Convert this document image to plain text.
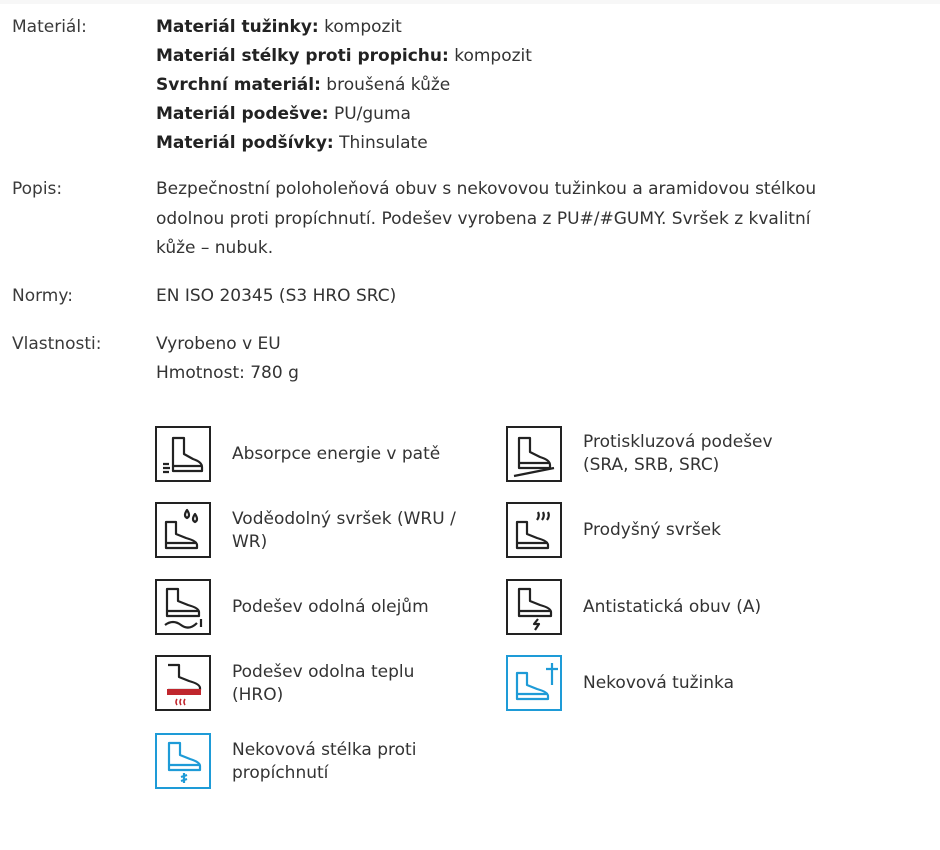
Materiál:	Materiál tužinky: kompozit
Materiál stélky proti propichu: kompozit
Svrchní materiál: broušená kůže
Materiál podešve: PU/guma
Materiál podšívky: Thinsulate
Popis:	Bezpečnostní poloholeňová obuv s nekovovou tužinkou a aramidovou stélkou
odolnou proti propíchnutí. Podešev vyrobena z PU#/#GUMY. Svršek z kvalitní
kůže – nubuk.
Normy:	EN ISO 20345 (S3 HRO SRC)
Vlastnosti:	Vyrobeno v EU
Hmotnost: 780 g
Absorpce energie v patě
Protiskluzová podešev
(SRA, SRB, SRC)
Voděodolný svršek (WRU /
WR)
Prodyšný svršek
Podešev odolná olejům	Antistatická obuv (A)
Podešev odolna teplu
(HRO)
Nekovová tužinka
Nekovová stélka proti
propíchnutí
